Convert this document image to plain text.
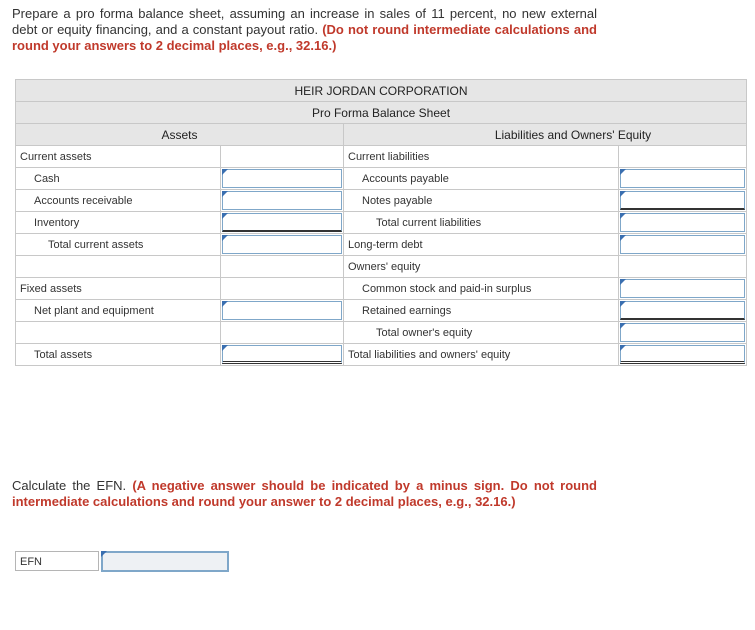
Prepare a pro forma balance sheet, assuming an increase in sales of 11 percent, no new external debt or equity financing, and a constant payout ratio. (Do not round intermediate calculations and round your answers to 2 decimal places, e.g., 32.16.)

HEIR JORDAN CORPORATION			
Pro Forma Balance Sheet			
Assets		Liabilities and Owners' Equity	
Current assets		Current liabilities	
Cash		Accounts payable	

Accounts receivable		Notes payable	

Inventory		Total current liabilities	

Total current assets		Long-term debt	

		Owners' equity	
Fixed assets		Common stock and paid-in surplus	

Net plant and equipment		Retained earnings	

		Total owner's equity	

Total assets		Total liabilities and owners' equity	

Calculate the EFN. (A negative answer should be indicated by a minus sign. Do not round intermediate calculations and round your answer to 2 decimal places, e.g., 32.16.)

EFN
